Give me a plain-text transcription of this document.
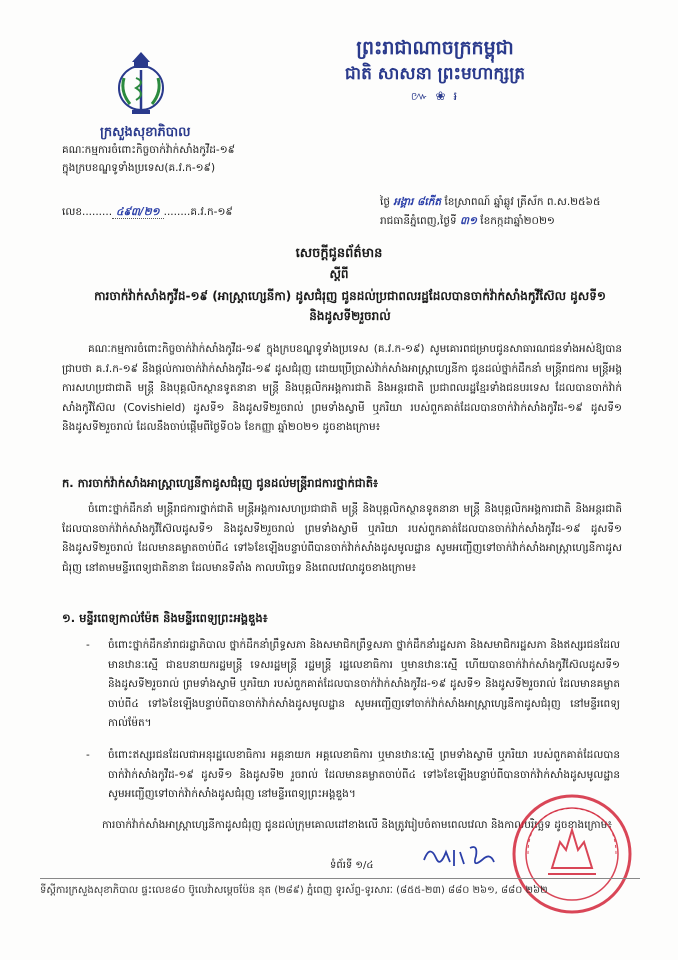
ព្រះរាជាណាចក្រកម្ពុជា
ជាតិ សាសនា ព្រះមហាក្សត្រ
៚ ❀ ៛
ក្រសួងសុខាភិបាល
គណៈកម្មការចំពោះកិច្ចចាក់វ៉ាក់សាំងកូវីដ-១៩
ក្នុងក្របខណ្ឌទូទាំងប្រទេស(គ.វ.ក-១៩)
លេខ......... ៤៩៣/២១ ........គ.វ.ក-១៩
ថ្ងៃ អង្គារ ៨កើត ខែស្រាពណ៍ ឆ្នាំឆ្លូវ ត្រីស័ក ព.ស.២៥៦៥
រាជធានីភ្នំពេញ,ថ្ងៃទី ៣១ ខែកក្កដាឆ្នាំ២០២១
សេចក្ដីជូនព័ត៌មាន
ស្ដីពី
ការចាក់វ៉ាក់សាំងកូវីដ-១៩ (អាស្ត្រាហ្សេនីកា) ដូសជំរុញ ជូនដល់ប្រជាពលរដ្ឋដែលបានចាក់វ៉ាក់សាំងកូវីស៊ែល ដូសទី១ និងដូសទី២រួចរាល់
គណៈកម្មការចំពោះកិច្ចចាក់វ៉ាក់សាំងកូវីដ-១៩ ក្នុងក្របខណ្ឌទូទាំងប្រទេស (គ.វ.ក-១៩) សូមគោរពជម្រាបជូនសាធារណជនទាំងអស់ឱ្យបានជ្រាបថា គ.វ.ក-១៩ នឹងផ្ដល់ការចាក់វ៉ាក់សាំងកូវីដ-១៩ ដូសជំរុញ ដោយប្រើប្រាស់វ៉ាក់សាំងអាស្ត្រាហ្សេនីកា ជូនដល់ថ្នាក់ដឹកនាំ មន្ត្រីរាជការ មន្ត្រីអង្គការសហប្រជាជាតិ មន្ត្រី និងបុគ្គលិកស្ថានទូតនានា មន្ត្រី និងបុគ្គលិកអង្គការជាតិ និងអន្តរជាតិ ប្រជាពលរដ្ឋខ្មែរទាំងជនបរទេស ដែលបានចាក់វ៉ាក់សាំងកូវីស៊ែល (Covishield) ដូសទី១ និងដូសទី២រួចរាល់ ព្រមទាំងស្វាមី ឬភរិយា របស់ពួកគាត់ដែលបានចាក់វ៉ាក់សាំងកូវីដ-១៩ ដូសទី១ និងដូសទី២រួចរាល់ ដែលនឹងចាប់ផ្ដើមពីថ្ងៃទី០៦ ខែកញ្ញា ឆ្នាំ២០២១ ដូចខាងក្រោម៖
ក. ការចាក់វ៉ាក់សាំងអាស្ត្រាហ្សេនីកាដូសជំរុញ ជូនដល់មន្ត្រីរាជការថ្នាក់ជាតិ៖
ចំពោះថ្នាក់ដឹកនាំ មន្ត្រីរាជការថ្នាក់ជាតិ មន្ត្រីអង្គការសហប្រជាជាតិ មន្ត្រី និងបុគ្គលិកស្ថានទូតនានា មន្ត្រី និងបុគ្គលិកអង្គការជាតិ និងអន្តរជាតិ ដែលបានចាក់វ៉ាក់សាំងកូវីស៊ែលដូសទី១ និងដូសទី២រួចរាល់ ព្រមទាំងស្វាមី ឬភរិយា របស់ពួកគាត់ដែលបានចាក់វ៉ាក់សាំងកូវីដ-១៩ ដូសទី១ និងដូសទី២រួចរាល់ ដែលមានគម្លាតចាប់ពី៤ ទៅ៦ខែឡើងបន្ទាប់ពីបានចាក់វ៉ាក់សាំងដូសមូលដ្ឋាន សូមអញ្ជើញទៅចាក់វ៉ាក់សាំងអាស្ត្រាហ្សេនីកាដូសជំរុញ នៅតាមមន្ទីរពេទ្យជាតិនានា ដែលមានទីតាំង កាលបរិច្ឆេទ និងពេលវេលាដូចខាងក្រោម៖
១. មន្ទីរពេទ្យកាល់ម៉ែត និងមន្ទីរពេទ្យព្រះអង្គឌួង៖
- ចំពោះថ្នាក់ដឹកនាំរាជរដ្ឋាភិបាល ថ្នាក់ដឹកនាំព្រឹទ្ធសភា និងសមាជិកព្រឹទ្ធសភា ថ្នាក់ដឹកនាំរដ្ឋសភា និងសមាជិករដ្ឋសភា និងឥស្សរជនដែលមានឋានៈស្មើ ជាឧបនាយករដ្ឋមន្ត្រី ទេសរដ្ឋមន្ត្រី រដ្ឋមន្ត្រី រដ្ឋលេខាធិការ ឬមានឋានៈស្មើ ហើយបានចាក់វ៉ាក់សាំងកូវីស៊ែលដូសទី១ និងដូសទី២រួចរាល់ ព្រមទាំងស្វាមី ឬភរិយា របស់ពួកគាត់ដែលបានចាក់វ៉ាក់សាំងកូវីដ-១៩ ដូសទី១ និងដូសទី២រួចរាល់ ដែលមានគម្លាតចាប់ពី៤ ទៅ៦ខែឡើងបន្ទាប់ពីបានចាក់វ៉ាក់សាំងដូសមូលដ្ឋាន សូមអញ្ជើញទៅចាក់វ៉ាក់សាំងអាស្ត្រាហ្សេនីកាដូសជំរុញ នៅមន្ទីរពេទ្យកាល់ម៉ែត។
- ចំពោះឥស្សរជនដែលជាអនុរដ្ឋលេខាធិការ អគ្គនាយក អគ្គលេខាធិការ ឬមានឋានៈស្មើ ព្រមទាំងស្វាមី ឬភរិយា របស់ពួកគាត់ដែលបានចាក់វ៉ាក់សាំងកូវីដ-១៩ ដូសទី១ និងដូសទី២ រួចរាល់ ដែលមានគម្លាតចាប់ពី៤ ទៅ៦ខែឡើងបន្ទាប់ពីបានចាក់វ៉ាក់សាំងដូសមូលដ្ឋាន សូមអញ្ជើញទៅចាក់វ៉ាក់សាំងដូសជំរុញ នៅមន្ទីរពេទ្យព្រះអង្គឌួង។
ការចាក់វ៉ាក់សាំងអាស្ត្រាហ្សេនីកាដូសជំរុញ ជូនដល់ក្រុមគោលដៅខាងលើ និងត្រូវរៀបចំតាមពេលវេលា និងកាលបរិច្ឆេទ ដូចខាងក្រោម៖
ទំព័រទី ១/៤
ទីស្ដីការក្រសួងសុខាភិបាល ផ្ទះលេខ៨០ ប៊ូលេវ៉ាសម្ដេចប៉ែន នុត (២៨៩) ភ្នំពេញ ទូរស័ព្ទ-ទូរសារៈ (៨៥៥-២៣) ៨៨០ ២៦១, ៨៨០ ២៦២
